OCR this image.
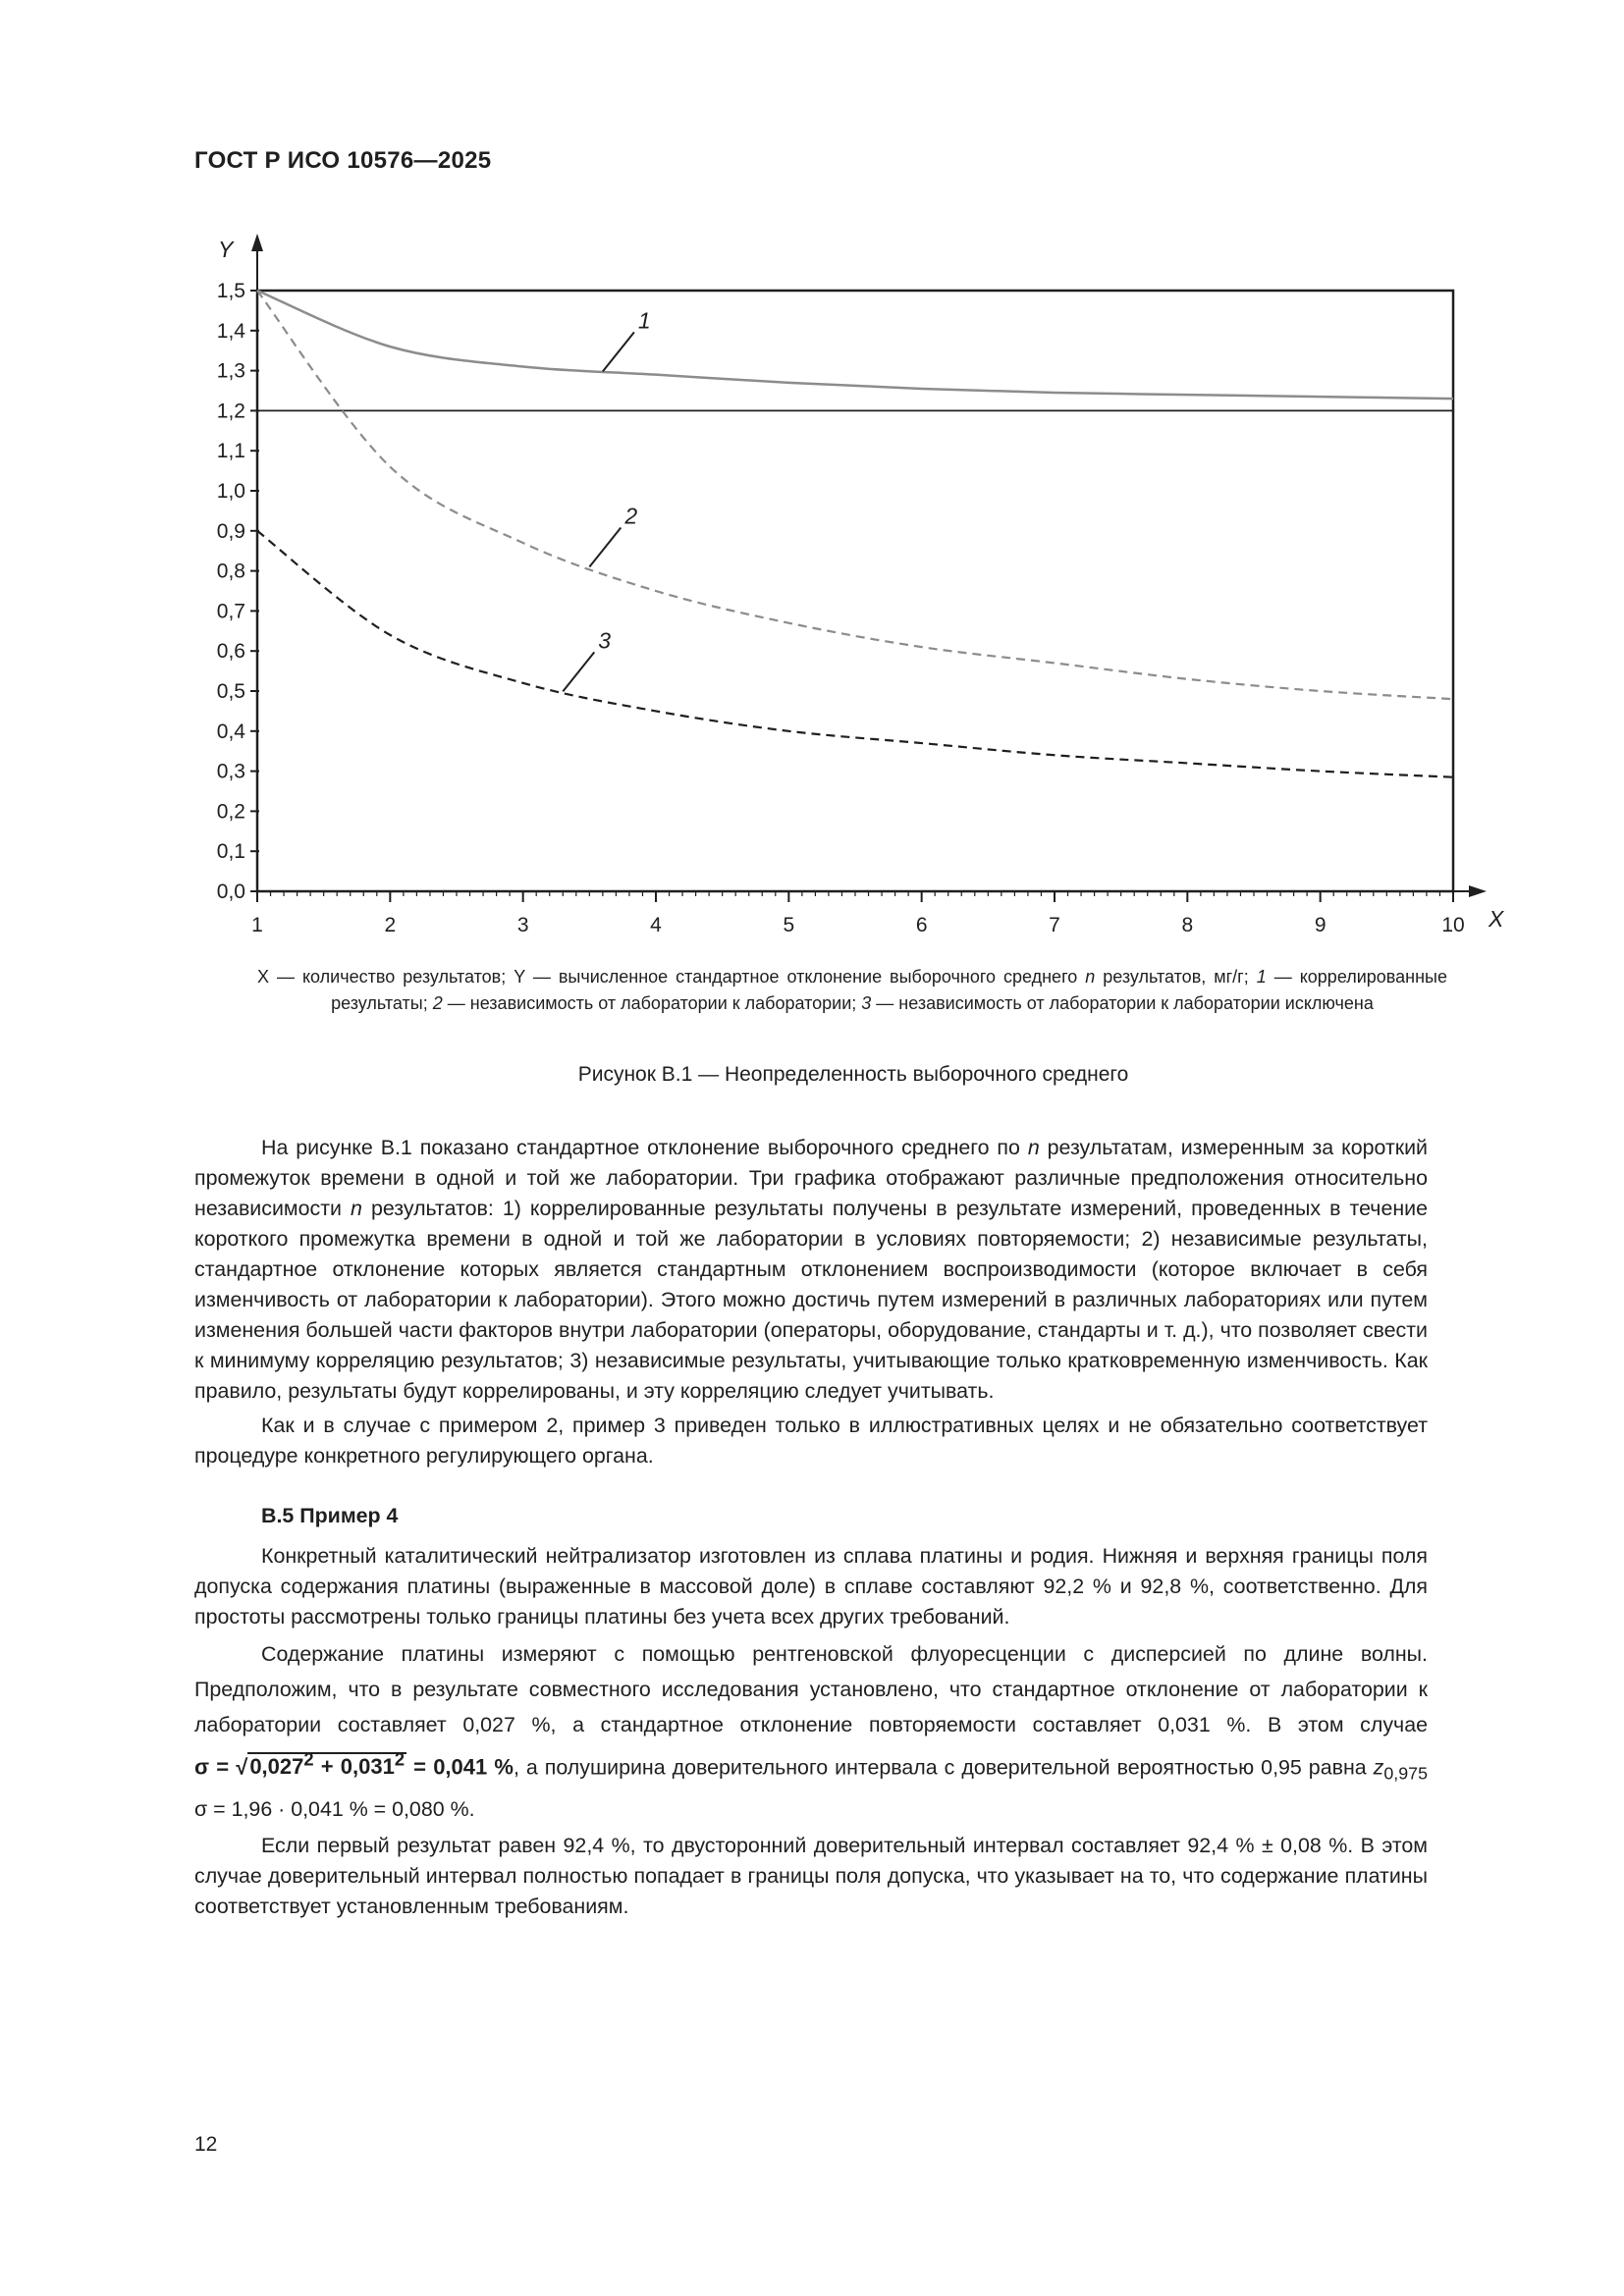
ГОСТ Р ИСО 10576—2025
0,0
0,1
0,2
0,3
0,4
0,5
0,6
0,7
0,8
0,9
1,0
1,1
1,2
1,3
1,4
1,5
1	2	3	4	5	6	7	8	9	10
1
2
3
X
Y
X — количество результатов; Y — вычисленное стандартное отклонение выборочного среднего n результатов, мг/г; 1 — коррелированные результаты; 2 — независимость от лаборатории к лаборатории; 3 — независимость от лаборатории к лаборатории исключена
Рисунок В.1 — Неопределенность выборочного среднего

На рисунке В.1 показано стандартное отклонение выборочного среднего по n результатам, измеренным за короткий промежуток времени в одной и той же лаборатории. Три графика отображают различные предположения относительно независимости n результатов: 1) коррелированные результаты получены в результате измерений, проведенных в течение короткого промежутка времени в одной и той же лаборатории в условиях повторяемости; 2) независимые результаты, стандартное отклонение которых является стандартным отклонением воспроизводимости (которое включает в себя изменчивость от лаборатории к лаборатории). Этого можно достичь путем измерений в различных лабораториях или путем изменения большей части факторов внутри лаборатории (операторы, оборудование, стандарты и т. д.), что позволяет свести к минимуму корреляцию результатов; 3) независимые результаты, учитывающие только кратковременную изменчивость. Как правило, результаты будут коррелированы, и эту корреляцию следует учитывать.

Как и в случае с примером 2, пример 3 приведен только в иллюстративных целях и не обязательно соответствует процедуре конкретного регулирующего органа.

В.5 Пример 4

Конкретный каталитический нейтрализатор изготовлен из сплава платины и родия. Нижняя и верхняя границы поля допуска содержания платины (выраженные в массовой доле) в сплаве составляют 92,2 % и 92,8 %, соответственно. Для простоты рассмотрены только границы платины без учета всех других требований.

Содержание платины измеряют с помощью рентгеновской флуоресценции с дисперсией по длине волны. Предположим, что в результате совместного исследования установлено, что стандартное отклонение от лаборатории к лаборатории составляет 0,027 %, а стандартное отклонение повторяемости составляет 0,031 %. В этом случае $\sigma = √0,027^2 + 0,031^2 = 0,041$ %, а полуширина доверительного интервала с доверительной вероятностью 0,95 равна $z_{0,975}$ σ = 1,96 · 0,041 % = 0,080 %.

Если первый результат равен 92,4 %, то двусторонний доверительный интервал составляет 92,4 % ± 0,08 %. В этом случае доверительный интервал полностью попадает в границы поля допуска, что указывает на то, что содержание платины соответствует установленным требованиям.

12
